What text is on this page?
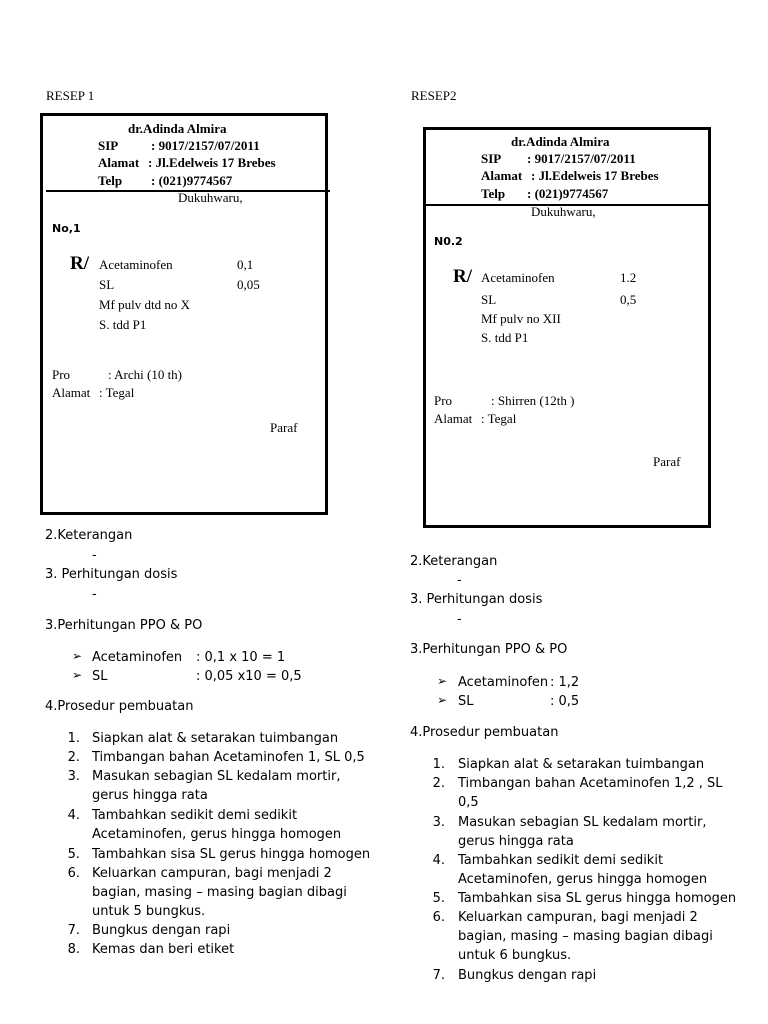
RESEP 1
dr.Adinda Almira
SIP	: 9017/2157/07/2011
Alamat : Jl.Edelweis 17 Brebes
Telp : (021)9774567
Dukuhwaru,
No,1
R/ Acetaminofen	0,1
SL	0,05
Mf pulv dtd no X
S. tdd P1
Pro	: Archi (10 th)
Alamat : Tegal
Paraf
2.Keterangan
-
3. Perhitungan dosis
-
3.Perhitungan PPO & PO
➢ Acetaminofen : 0,1 x 10 = 1
➢ SL	: 0,05 x10 = 0,5
4.Prosedur pembuatan
1. Siapkan alat & setarakan tuimbangan
2. Timbangan bahan Acetaminofen 1, SL 0,5
3. Masukan sebagian SL kedalam mortir,
gerus hingga rata
4. Tambahkan sedikit demi sedikit
Acetaminofen, gerus hingga homogen
5. Tambahkan sisa SL gerus hingga homogen
6. Keluarkan campuran, bagi menjadi 2
bagian, masing – masing bagian dibagi
untuk 5 bungkus.
7. Bungkus dengan rapi
8. Kemas dan beri etiket
RESEP2
dr.Adinda Almira
SIP : 9017/2157/07/2011
Alamat : Jl.Edelweis 17 Brebes
Telp : (021)9774567
Dukuhwaru,
N0.2
R/ Acetaminofen	1.2
SL	0,5
Mf pulv no XII
S. tdd P1
Pro	: Shirren (12th )
Alamat : Tegal
Paraf
2.Keterangan
-
3. Perhitungan dosis
-
3.Perhitungan PPO & PO
➢ Acetaminofen : 1,2
➢ SL	: 0,5
4.Prosedur pembuatan
1. Siapkan alat & setarakan tuimbangan
2. Timbangan bahan Acetaminofen 1,2 , SL
0,5
3. Masukan sebagian SL kedalam mortir,
gerus hingga rata
4. Tambahkan sedikit demi sedikit
Acetaminofen, gerus hingga homogen
5. Tambahkan sisa SL gerus hingga homogen
6. Keluarkan campuran, bagi menjadi 2
bagian, masing – masing bagian dibagi
untuk 6 bungkus.
7. Bungkus dengan rapi
